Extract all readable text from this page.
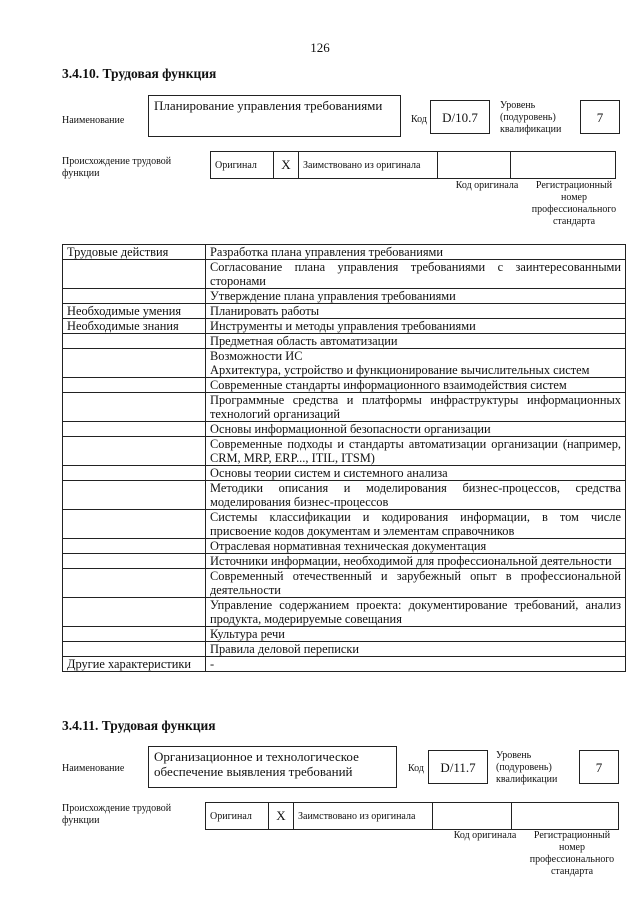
126
3.4.10. Трудовая функция
Наименование
Планирование управления требованиями
Код	D/10.7
Уровень (подуровень) квалификации
7
Происхождение трудовой функции
Оригинал	X	Заимствовано из оригинала		
Код оригинала	Регистрационный номер профессионального стандарта
Трудовые действия	Разработка плана управления требованиями
	Согласование плана управления требованиями с заинтересованными сторонами
	Утверждение плана управления требованиями
Необходимые умения	Планировать работы
Необходимые знания	Инструменты и методы управления требованиями
	Предметная область автоматизации
	Возможности ИС
Архитектура, устройство и функционирование вычислительных систем
	Современные стандарты информационного взаимодействия систем
	Программные средства и платформы инфраструктуры информационных технологий организаций
	Основы информационной безопасности организации
	Современные подходы и стандарты автоматизации организации (например, CRM, MRP, ERP..., ITIL, ITSM)
	Основы теории систем и системного анализа
	Методики описания и моделирования бизнес-процессов, средства моделирования бизнес-процессов
	Системы классификации и кодирования информации, в том числе присвоение кодов документам и элементам справочников
	Отраслевая нормативная техническая документация
	Источники информации, необходимой для профессиональной деятельности
	Современный отечественный и зарубежный опыт в профессиональной деятельности
	Управление содержанием проекта: документирование требований, анализ продукта, модерируемые совещания
	Культура речи
	Правила деловой переписки
Другие характеристики	-
3.4.11. Трудовая функция
Наименование
Организационное и технологическое обеспечение выявления требований	Код	D/11.7
Уровень (подуровень) квалификации
7
Происхождение трудовой функции	Оригинал	X	Заимствовано из оригинала		
Код оригинала	Регистрационный номер профессионального стандарта
